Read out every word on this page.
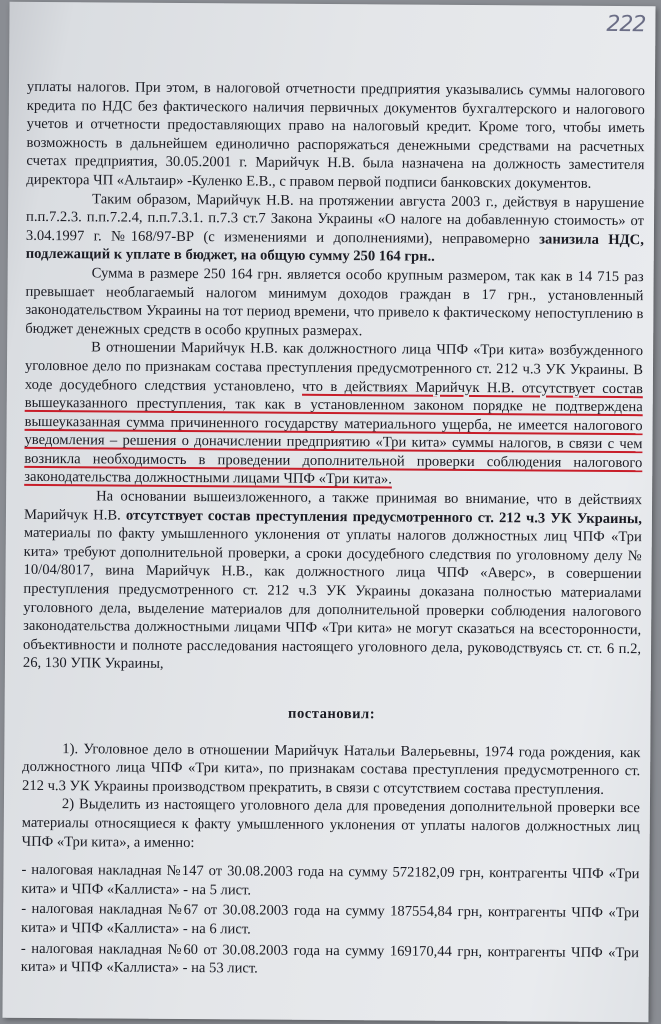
222

уплаты налогов. При этом, в налоговой отчетности предприятия указывались суммы налогового кредита по НДС без фактического наличия первичных документов бухгалтерского и налогового учетов и отчетности предоставляющих право на налоговый кредит. Кроме того, чтобы иметь возможность в дальнейшем единолично распоряжаться денежными средствами на расчетных счетах предприятия, 30.05.2001 г. Марийчук Н.В. была назначена на должность заместителя директора ЧП «Альтаир» -Куленко Е.В., с правом первой подписи банковских документов.

Таким образом, Марийчук Н.В. на протяжении августа 2003 г., действуя в нарушение п.п.7.2.3. п.п.7.2.4, п.п.7.3.1. п.7.3 ст.7 Закона Украины «О налоге на добавленную стоимость» от 3.04.1997 г. №168/97-ВР (с изменениями и дополнениями), неправомерно занизила НДС, подлежащий к уплате в бюджет, на общую сумму 250 164 грн..

Сумма в размере 250 164 грн. является особо крупным размером, так как в 14 715 раз превышает необлагаемый налогом минимум доходов граждан в 17 грн., установленный законодательством Украины на тот период времени, что привело к фактическому непоступлению в бюджет денежных средств в особо крупных размерах.

В отношении Марийчук Н.В. как должностного лица ЧПФ «Три кита» возбужденного уголовное дело по признакам состава преступления предусмотренного ст. 212 ч.3 УК Украины. В ходе досудебного следствия установлено, что в действиях Марийчук Н.В. отсутствует состав вышеуказанного преступления, так как в установленном законом порядке не подтверждена вышеуказанная сумма причиненного государству материального ущерба, не имеется налогового уведомления – решения о доначислении предприятию «Три кита» суммы налогов, в связи с чем возникла необходимость в проведении дополнительной проверки соблюдения налогового законодательства должностными лицами ЧПФ «Три кита».

На основании вышеизложенного, а также принимая во внимание, что в действиях Марийчук Н.В. отсутствует состав преступления предусмотренного ст. 212 ч.3 УК Украины, материалы по факту умышленного уклонения от уплаты налогов должностных лиц ЧПФ «Три кита» требуют дополнительной проверки, а сроки досудебного следствия по уголовному делу № 10/04/8017, вина Марийчук Н.В., как должностного лица ЧПФ «Аверс», в совершении преступления предусмотренного ст. 212 ч.3 УК Украины доказана полностью материалами уголовного дела, выделение материалов для дополнительной проверки соблюдения налогового законодательства должностными лицами ЧПФ «Три кита» не могут сказаться на всесторонности, объективности и полноте расследования настоящего уголовного дела, руководствуясь ст. ст. 6 п.2, 26, 130 УПК Украины,

постановил:

1). Уголовное дело в отношении Марийчук Натальи Валерьевны, 1974 года рождения, как должностного лица ЧПФ «Три кита», по признакам состава преступления предусмотренного ст. 212 ч.3 УК Украины производством прекратить, в связи с отсутствием состава преступления.

2) Выделить из настоящего уголовного дела для проведения дополнительной проверки все материалы относящиеся к факту умышленного уклонения от уплаты налогов должностных лиц ЧПФ «Три кита», а именно:

- налоговая накладная №147 от 30.08.2003 года на сумму 572182,09 грн, контрагенты ЧПФ «Три кита» и ЧПФ «Каллиста» - на 5 лист.

- налоговая накладная №67 от 30.08.2003 года на сумму 187554,84 грн, контрагенты ЧПФ «Три кита» и ЧПФ «Каллиста» - на 6 лист.

- налоговая накладная №60 от 30.08.2003 года на сумму 169170,44 грн, контрагенты ЧПФ «Три кита» и ЧПФ «Каллиста» - на 53 лист.
